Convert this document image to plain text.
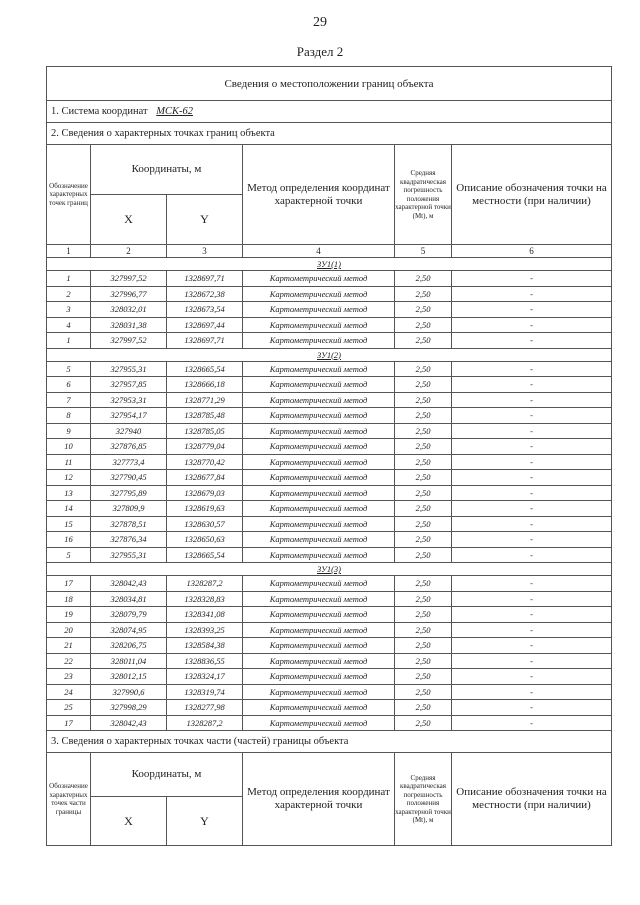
29
Раздел 2
Сведения о местоположении границ объекта					
1. Система координат МСК-62					
2. Сведения о характерных точках границ объекта					
Обозначение характерных точек границ	Координаты, м		Метод определения координат характерной точки	Средняя квадратическая погрешность положения характерной точки (Mt), м	Описание обозначения точки на местности (при наличии)
	X	Y			
1	2	3	4	5	6
ЗУ1(1)					
1	327997,52	1328697,71	Картометрический метод	2,50	-
2	327996,77	1328672,38	Картометрический метод	2,50	-
3	328032,01	1328673,54	Картометрический метод	2,50	-
4	328031,38	1328697,44	Картометрический метод	2,50	-
1	327997,52	1328697,71	Картометрический метод	2,50	-
ЗУ1(2)					
5	327955,31	1328665,54	Картометрический метод	2,50	-
6	327957,85	1328666,18	Картометрический метод	2,50	-
7	327953,31	1328771,29	Картометрический метод	2,50	-
8	327954,17	1328785,48	Картометрический метод	2,50	-
9	327940	1328785,05	Картометрический метод	2,50	-
10	327876,85	1328779,04	Картометрический метод	2,50	-
11	327773,4	1328770,42	Картометрический метод	2,50	-
12	327790,45	1328677,84	Картометрический метод	2,50	-
13	327795,89	1328679,03	Картометрический метод	2,50	-
14	327809,9	1328619,63	Картометрический метод	2,50	-
15	327878,51	1328630,57	Картометрический метод	2,50	-
16	327876,34	1328650,63	Картометрический метод	2,50	-
5	327955,31	1328665,54	Картометрический метод	2,50	-
ЗУ1(3)					
17	328042,43	1328287,2	Картометрический метод	2,50	-
18	328034,81	1328328,83	Картометрический метод	2,50	-
19	328079,79	1328341,08	Картометрический метод	2,50	-
20	328074,95	1328393,25	Картометрический метод	2,50	-
21	328206,75	1328584,38	Картометрический метод	2,50	-
22	328011,04	1328836,55	Картометрический метод	2,50	-
23	328012,15	1328324,17	Картометрический метод	2,50	-
24	327990,6	1328319,74	Картометрический метод	2,50	-
25	327998,29	1328277,98	Картометрический метод	2,50	-
17	328042,43	1328287,2	Картометрический метод	2,50	-
3. Сведения о характерных точках части (частей) границы объекта					
Обозначение характерных точек части границы	Координаты, м		Метод определения координат характерной точки	Средняя квадратическая погрешность положения характерной точки (Mt), м	Описание обозначения точки на местности (при наличии)
	X	Y			
